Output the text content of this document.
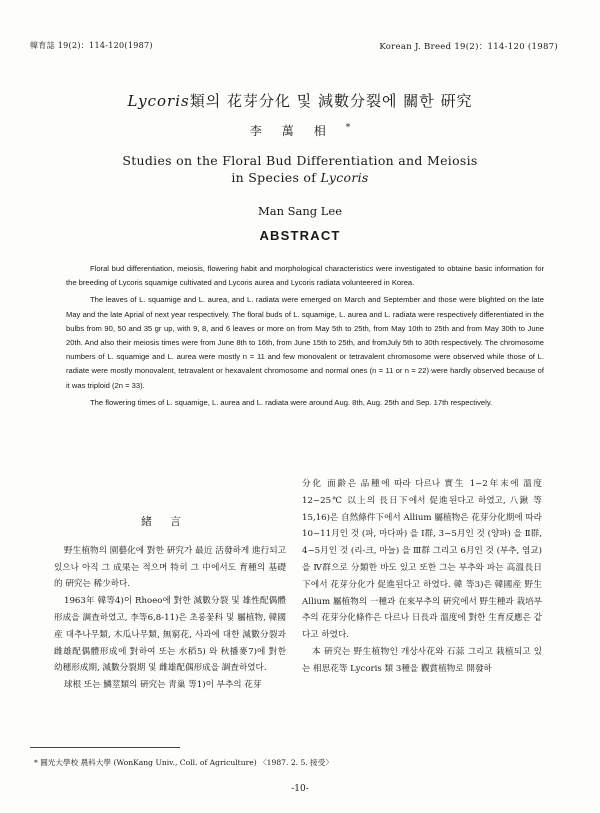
韓育誌 19(2)：114-120(1987)	Korean J. Breed 19(2)：114-120 (1987)
Lycoris類의 花芽分化 및 減數分裂에 關한 硏究
李萬相*
Studies on the Floral Bud Differentiation and Meiosis
in Species of Lycoris
Man Sang Lee
ABSTRACT

Floral bud differentiation, meiosis, flowering habit and morphological characteristics were investigated to obtaine basic information for the breeding of Lycoris squamige cultivated and Lycoris aurea and Lycoris radiata volunteered in Korea.

The leaves of L. squamige and L. aurea, and L. radiata were emerged on March and September and those were blighted on the late May and the late Aprial of next year respectively. The floral buds of L. squamige, L. aurea and L. radiata were respectively differentiated in the bulbs from 90, 50 and 35 gr up, with 9, 8, and 6 leaves or more on from May 5th to 25th, from May 10th to 25th and from May 30th to June 20th. And also their meiosis times were from June 8th to 16th, from June 15th to 25th, and fromJuly 5th to 30th respectively. The chromosome numbers of L. squamige and L. aurea were mostly n = 11 and few monovalent or tetravalent chromosome were observed while those of L. radiate were mostly monovalent, tetravalent or hexavalent chromosome and normal ones (n = 11 or n = 22) were hardly observed because of it was triploid (2n = 33).

The flowering times of L. squamige, L. aurea and L. radiata were around Aug. 8th, Aug. 25th and Sep. 17th respectively.

緒言

野生植物의 園藝化에 對한 硏究가 最近 活發하게 進行되고 있으나 아직 그 成果는 적으며 特히 그 中에서도 育種의 基礎的 硏究는 稀少하다.

1963年 韓等4)이 Rhoeo에 對한 減數分裂 및 雄性配偶體形成을 調査하였고, 李等6,8-11)은 초롱꽃科 및 屬植物, 韓國産 대추나무類, 木瓜나무類, 無窮花, 사과에 대한 減數分裂과 雌雄配偶體形成에 對하여 또는 水稻5) 와 秋播麥7)에 對한 幼穗形成期, 減數分裂期 및 雌雄配偶形成을 調査하였다.

球根 또는 鱗莖類의 硏究는 靑巢 等1)이 부추의 花芽

分化 面齡은 品種에 따라 다르나 實生 1~2年末에 溫度 12~25℃ 以上의 長日下에서 促進된다고 하였고, 八鍬 等15,16)은 自然條件下에서 Allium 屬植物은 花芽分化期에 따라 10~11月인 것 (파, 마다파) 을 Ⅰ群, 3~5月인 것 (양파) 을 Ⅱ群, 4~5月인 것 (리-크, 마늘) 을 Ⅲ群 그리고 6月인 것 (부추, 염교) 을 Ⅳ群으로 分類한 바도 있고 또한 그는 부추와 파는 高溫長日下에서 花芽分化가 促進된다고 하였다. 韓 等3)은 韓國産 野生Allium 屬植物의 一種과 在來부추의 硏究에서 野生種과 栽培부추의 花芽分化條件은 다르나 日長과 溫度에 對한 生育反應은 같다고 하였다.

本 硏究는 野生植物인 개상사花와 石蒜 그리고 栽植되고 있는 相思花等 Lycoris 類 3種을 觀賞植物로 開發하

* 圓光大學校 農科大學 (WonKang Univ., Coll. of Agriculture) 〈1987. 2. 5. 接受〉
-10-
